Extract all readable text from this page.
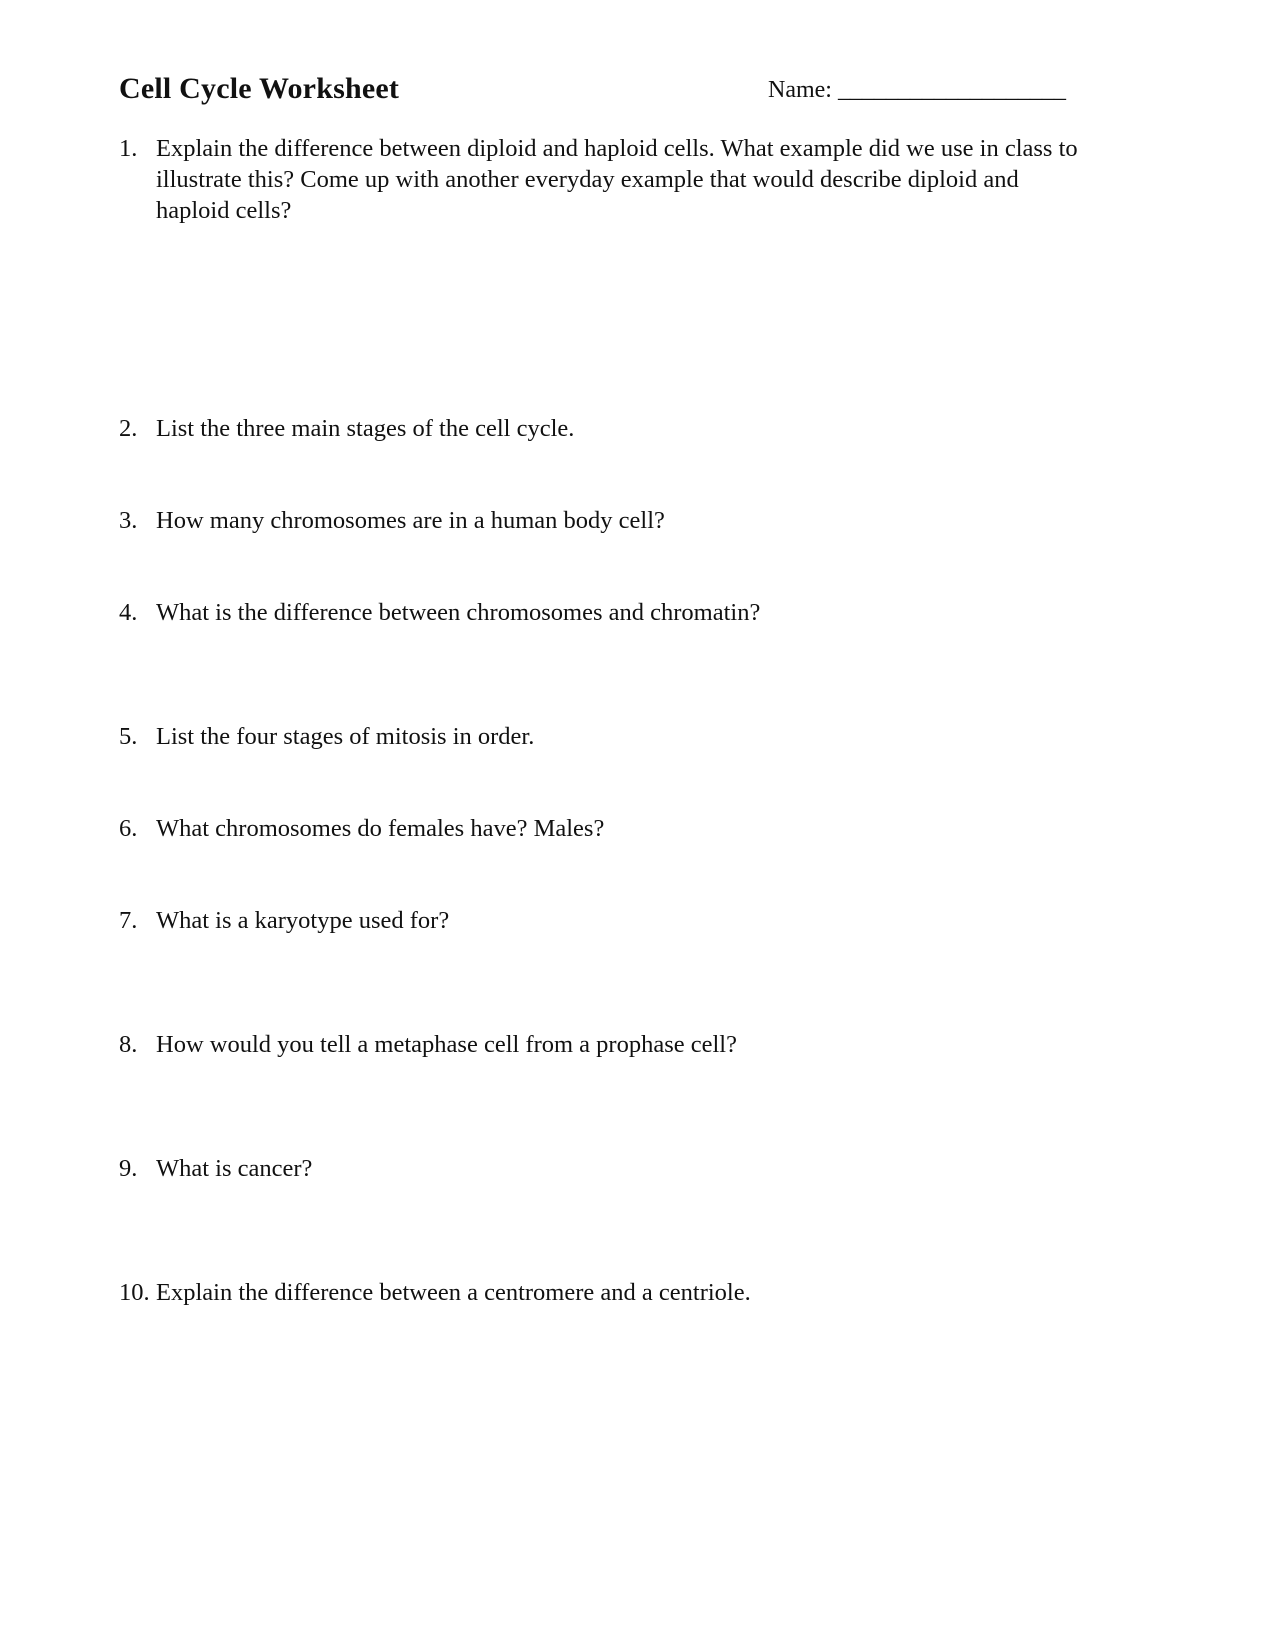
Cell Cycle Worksheet	Name: ___________________
1. Explain the difference between diploid and haploid cells. What example did we use in class to
illustrate this? Come up with another everyday example that would describe diploid and
haploid cells?
2. List the three main stages of the cell cycle.
3. How many chromosomes are in a human body cell?
4. What is the difference between chromosomes and chromatin?
5. List the four stages of mitosis in order.
6. What chromosomes do females have? Males?
7. What is a karyotype used for?
8. How would you tell a metaphase cell from a prophase cell?
9. What is cancer?
10. Explain the difference between a centromere and a centriole.
